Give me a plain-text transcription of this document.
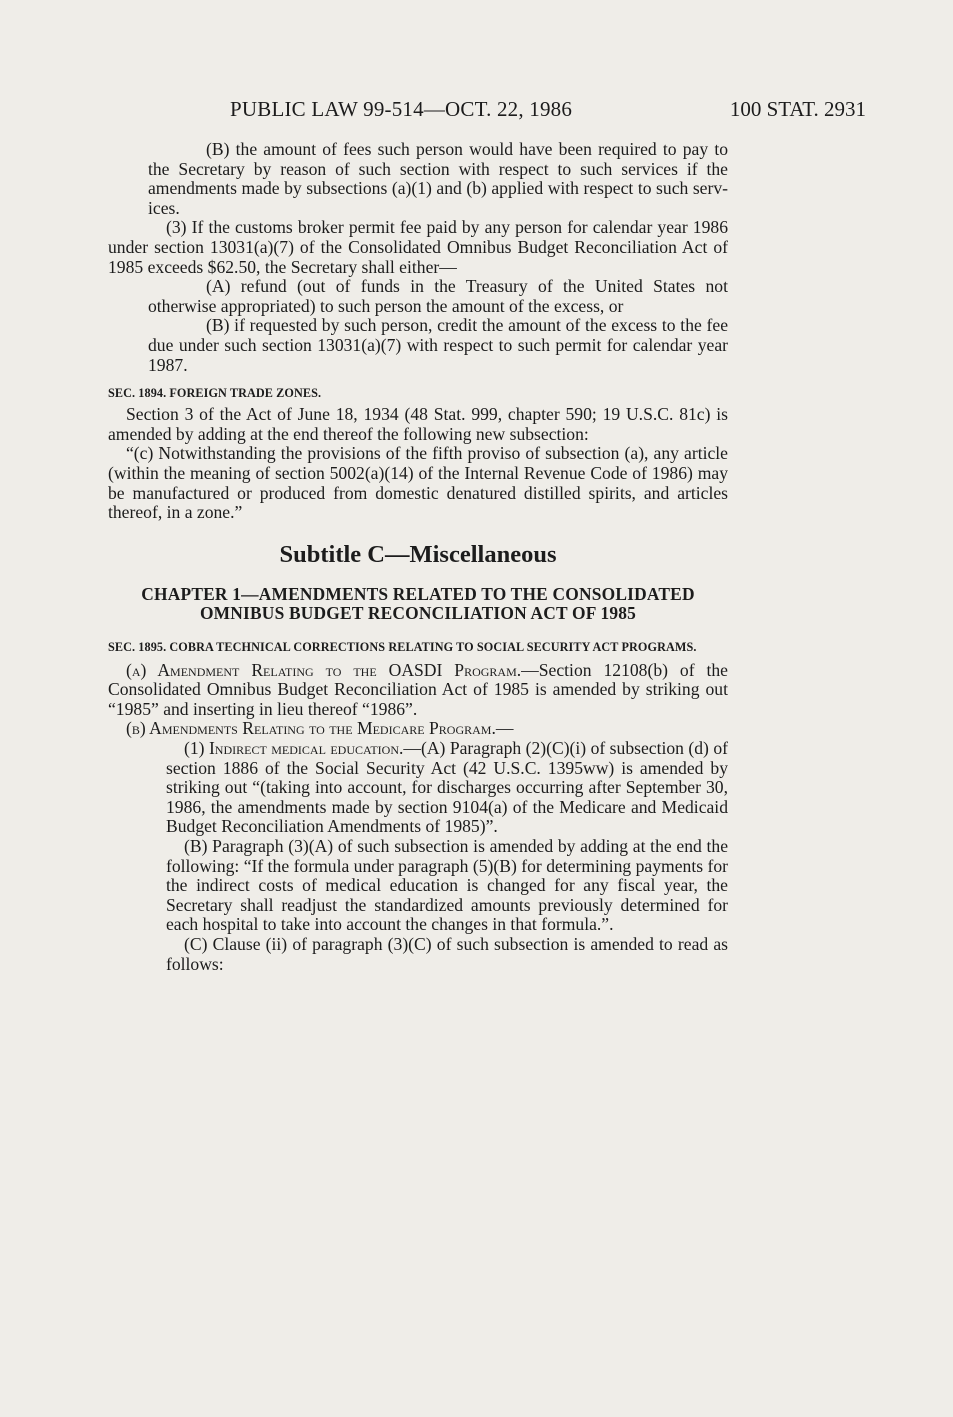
PUBLIC LAW 99-514—OCT. 22, 1986	100 STAT. 2931

(B) the amount of fees such person would have been required to pay to the Secretary by reason of such section with respect to such services if the amendments made by subsections (a)(1) and (b) applied with respect to such services.

(3) If the customs broker permit fee paid by any person for calendar year 1986 under section 13031(a)(7) of the Consolidated Omnibus Budget Reconciliation Act of 1985 exceeds $62.50, the Secretary shall either—

(A) refund (out of funds in the Treasury of the United States not otherwise appropriated) to such person the amount of the excess, or

(B) if requested by such person, credit the amount of the excess to the fee due under such section 13031(a)(7) with respect to such permit for calendar year 1987.

SEC. 1894. FOREIGN TRADE ZONES.

Section 3 of the Act of June 18, 1934 (48 Stat. 999, chapter 590; 19 U.S.C. 81c) is amended by adding at the end thereof the following new subsection:

“(c) Notwithstanding the provisions of the fifth proviso of subsection (a), any article (within the meaning of section 5002(a)(14) of the Internal Revenue Code of 1986) may be manufactured or produced from domestic denatured distilled spirits, and articles thereof, in a zone.”

Subtitle C—Miscellaneous
CHAPTER 1—AMENDMENTS RELATED TO THE CONSOLIDATED OMNIBUS BUDGET RECONCILIATION ACT OF 1985
SEC. 1895. COBRA TECHNICAL CORRECTIONS RELATING TO SOCIAL SECURITY ACT PROGRAMS.

(a) Amendment Relating to the OASDI Program.—Section 12108(b) of the Consolidated Omnibus Budget Reconciliation Act of 1985 is amended by striking out “1985” and inserting in lieu thereof “1986”.

(b) Amendments Relating to the Medicare Program.—

(1) Indirect medical education.—(A) Paragraph (2)(C)(i) of subsection (d) of section 1886 of the Social Security Act (42 U.S.C. 1395ww) is amended by striking out “(taking into account, for discharges occurring after September 30, 1986, the amendments made by section 9104(a) of the Medicare and Medicaid Budget Reconciliation Amendments of 1985)”.

(B) Paragraph (3)(A) of such subsection is amended by adding at the end the following: “If the formula under paragraph (5)(B) for determining payments for the indirect costs of medical education is changed for any fiscal year, the Secretary shall readjust the standardized amounts previously determined for each hospital to take into account the changes in that formula.”.

(C) Clause (ii) of paragraph (3)(C) of such subsection is amended to read as follows:
